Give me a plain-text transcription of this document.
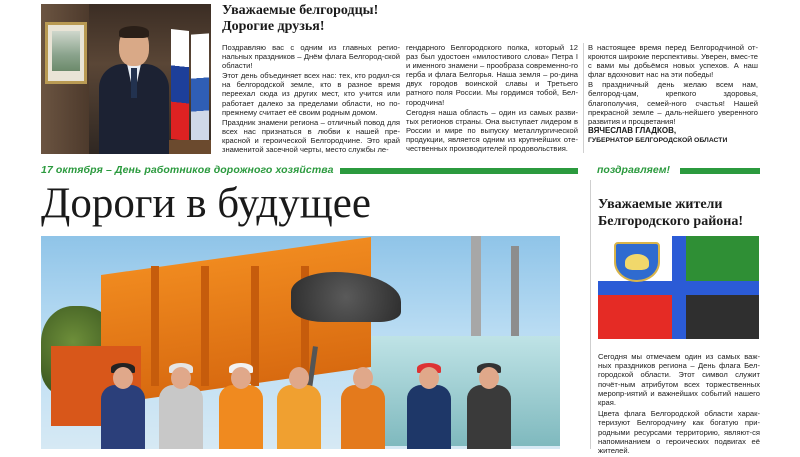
Уважаемые белгородцы!
Дорогие друзья!

Поздравляю вас с одним из главных регио-нальных праздников – Днём флага Белгород-ской области!

Этот день объединяет всех нас: тех, кто родил-ся на белгородской земле, кто в разное время переехал сюда из других мест, кто учится или работает далеко за пределами области, но по-прежнему считает её своим родным домом.

Праздник знамени региона – отличный повод для всех нас признаться в любви к нашей пре-красной и героической Белгородчине. Это край знаменитой засечной черты, место службы ле-

гендарного Белгородского полка, который 12 раз был удостоен «милостивого слова» Петра I и именного знамени – прообраза современно-го герба и флага Белгорья. Наша земля – ро-дина двух городов воинской славы и Третьего ратного поля России. Мы гордимся тобой, Бел-городчина!

Сегодня наша область – один из самых разви-тых регионов страны. Она выступает лидером в России и мире по выпуску металлургической продукции, является одним из крупнейших оте-чественных производителей продовольствия.

В настоящее время перед Белгородчиной от-кроются широкие перспективы. Уверен, вмес-те с вами мы добьёмся новых успехов. А наш флаг вдохновит нас на эти победы!

В праздничный день желаю всем нам, белгород-цам, крепкого здоровья, благополучия, семей-ного счастья! Нашей прекрасной земле – даль-нейшего уверенного развития и процветания!

ВЯЧЕСЛАВ ГЛАДКОВ,
ГУБЕРНАТОР БЕЛГОРОДСКОЙ ОБЛАСТИ
17 октября – День работников дорожного хозяйства	поздравляем!
Дороги в будущее	Уважаемые жители
Белгородского района!

Сегодня мы отмечаем один из самых важ-ных праздников региона – День флага Бел-городской области. Этот символ служит почёт-ным атрибутом всех торжественных меропр-иятий и важнейших событий нашего края.

Цвета флага Белгородской области харак-теризуют Белгородчину как богатую при-родными ресурсами территорию, являют-ся напоминанием о героических подвигах её жителей.
